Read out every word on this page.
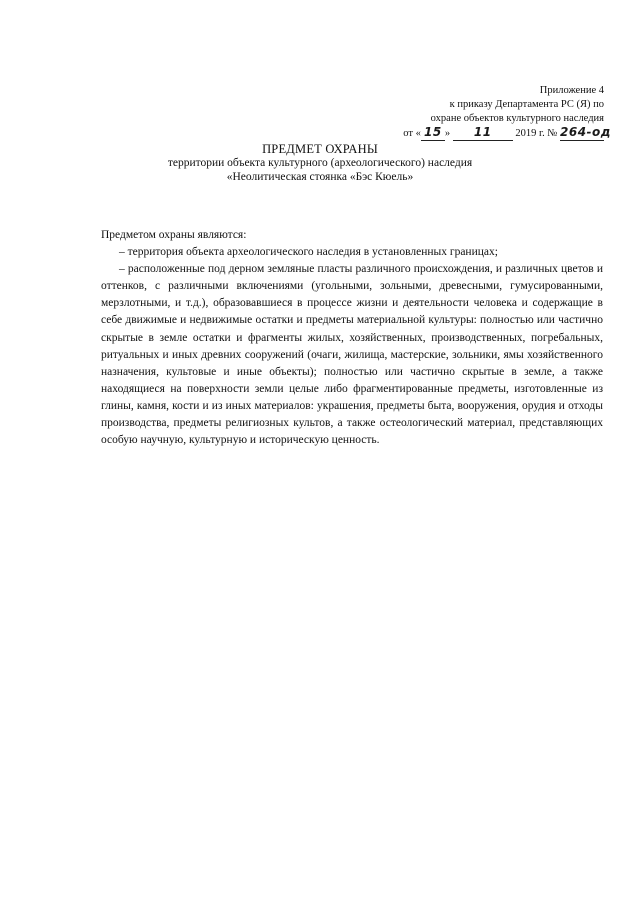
Приложение 4
к приказу Департамента РС (Я) по
охране объектов культурного наследия
от « 15 » 11 2019 г. № 264-од
ПРЕДМЕТ ОХРАНЫ
территории объекта культурного (археологического) наследия
«Неолитическая стоянка «Бэс Кюель»

Предметом охраны являются:

– территория объекта археологического наследия в установленных границах;

– расположенные под дерном земляные пласты различного происхождения, и различных цветов и оттенков, с различными включениями (угольными, зольными, древесными, гумусированными, мерзлотными, и т.д.), образовавшиеся в процессе жизни и деятельности человека и содержащие в себе движимые и недвижимые остатки и предметы материальной культуры: полностью или частично скрытые в земле остатки и фрагменты жилых, хозяйственных, производственных, погребальных, ритуальных и иных древних сооружений (очаги, жилища, мастерские, зольники, ямы хозяйственного назначения, культовые и иные объекты); полностью или частично скрытые в земле, а также находящиеся на поверхности земли целые либо фрагментированные предметы, изготовленные из глины, камня, кости и из иных материалов: украшения, предметы быта, вооружения, орудия и отходы производства, предметы религиозных культов, а также остеологический материал, представляющих особую научную, культурную и историческую ценность.
